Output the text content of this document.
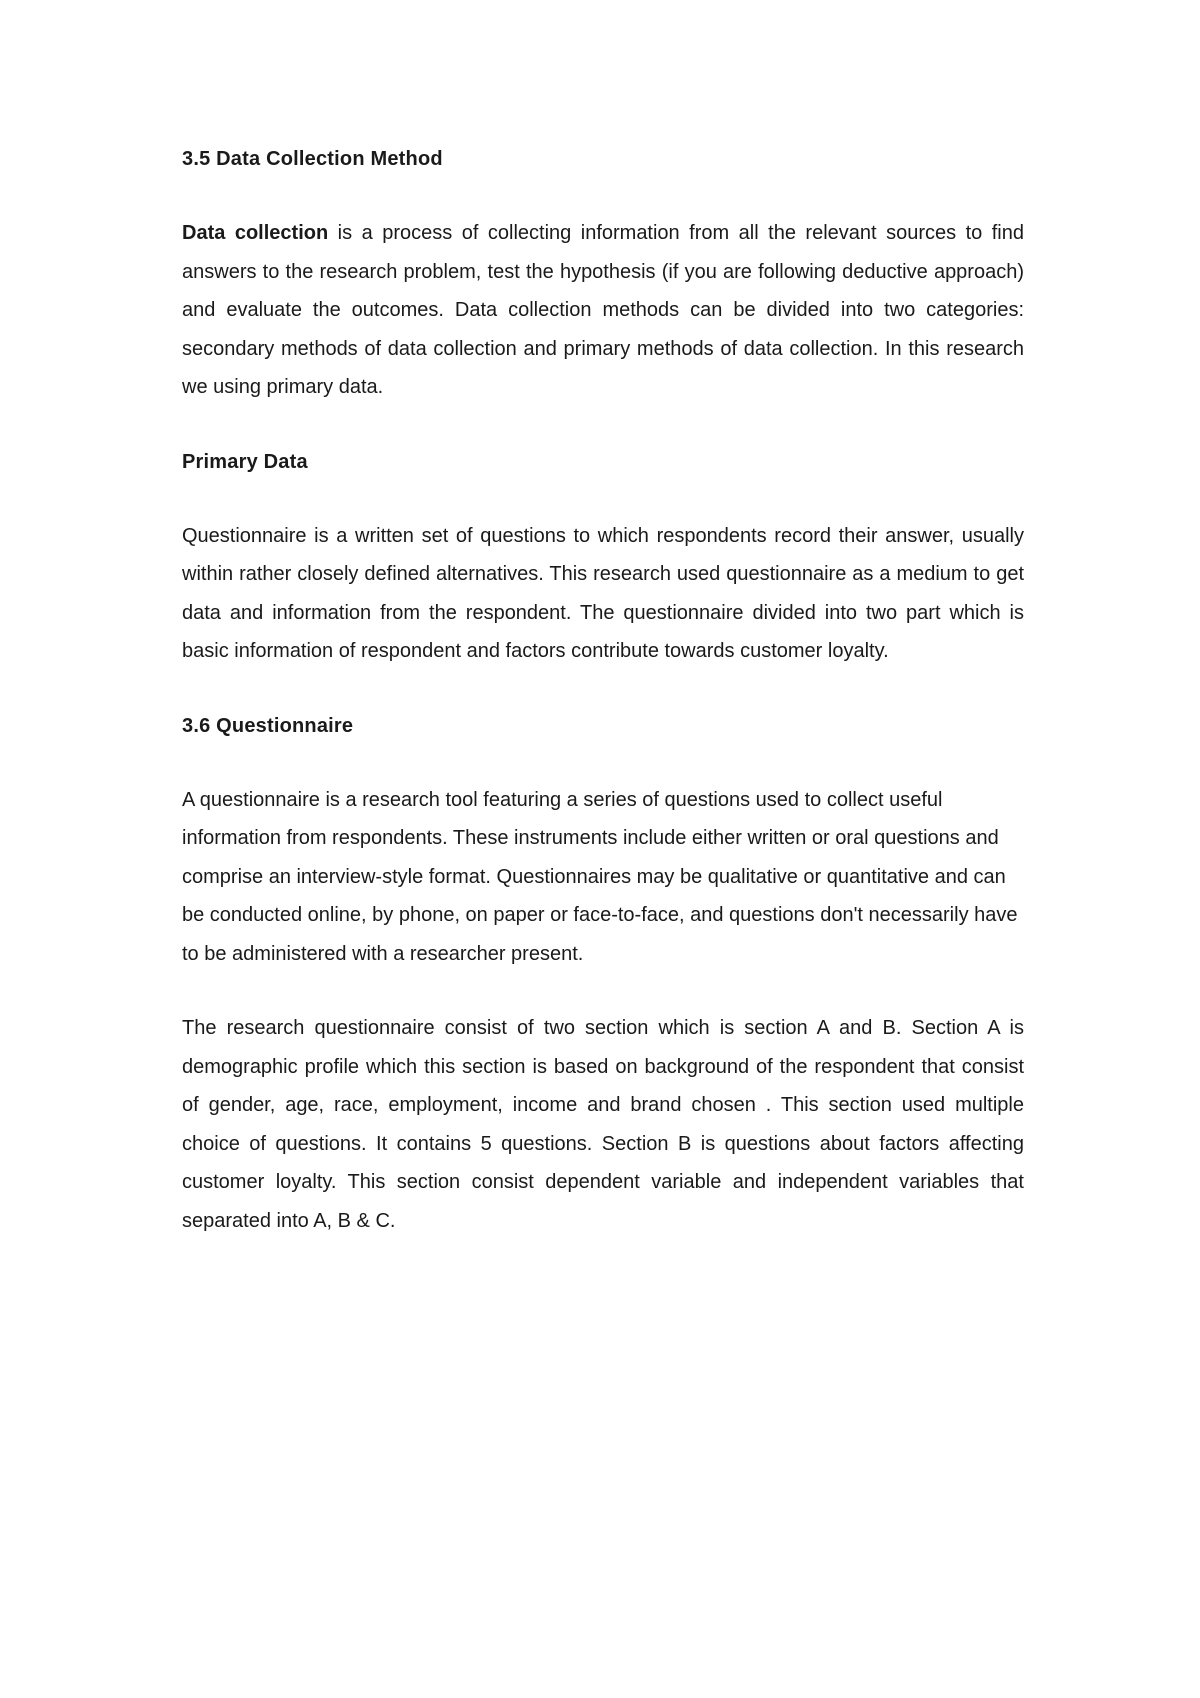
3.5 Data Collection Method

Data collection is a process of collecting information from all the relevant sources to find answers to the research problem, test the hypothesis (if you are following deductive approach) and evaluate the outcomes. Data collection methods can be divided into two categories: secondary methods of data collection and primary methods of data collection. In this research we using primary data.

Primary Data

Questionnaire is a written set of questions to which respondents record their answer, usually within rather closely defined alternatives. This research used questionnaire as a medium to get data and information from the respondent. The questionnaire divided into two part which is basic information of respondent and factors contribute towards customer loyalty.

3.6 Questionnaire

A questionnaire is a research tool featuring a series of questions used to collect useful information from respondents. These instruments include either written or oral questions and comprise an interview-style format. Questionnaires may be qualitative or quantitative and can be conducted online, by phone, on paper or face-to-face, and questions don't necessarily have to be administered with a researcher present.

The research questionnaire consist of two section which is section A and B. Section A is demographic profile which this section is based on background of the respondent that consist of gender, age, race, employment, income and brand chosen . This section used multiple choice of questions. It contains 5 questions. Section B is questions about factors affecting customer loyalty. This section consist dependent variable and independent variables that separated into A, B & C.
